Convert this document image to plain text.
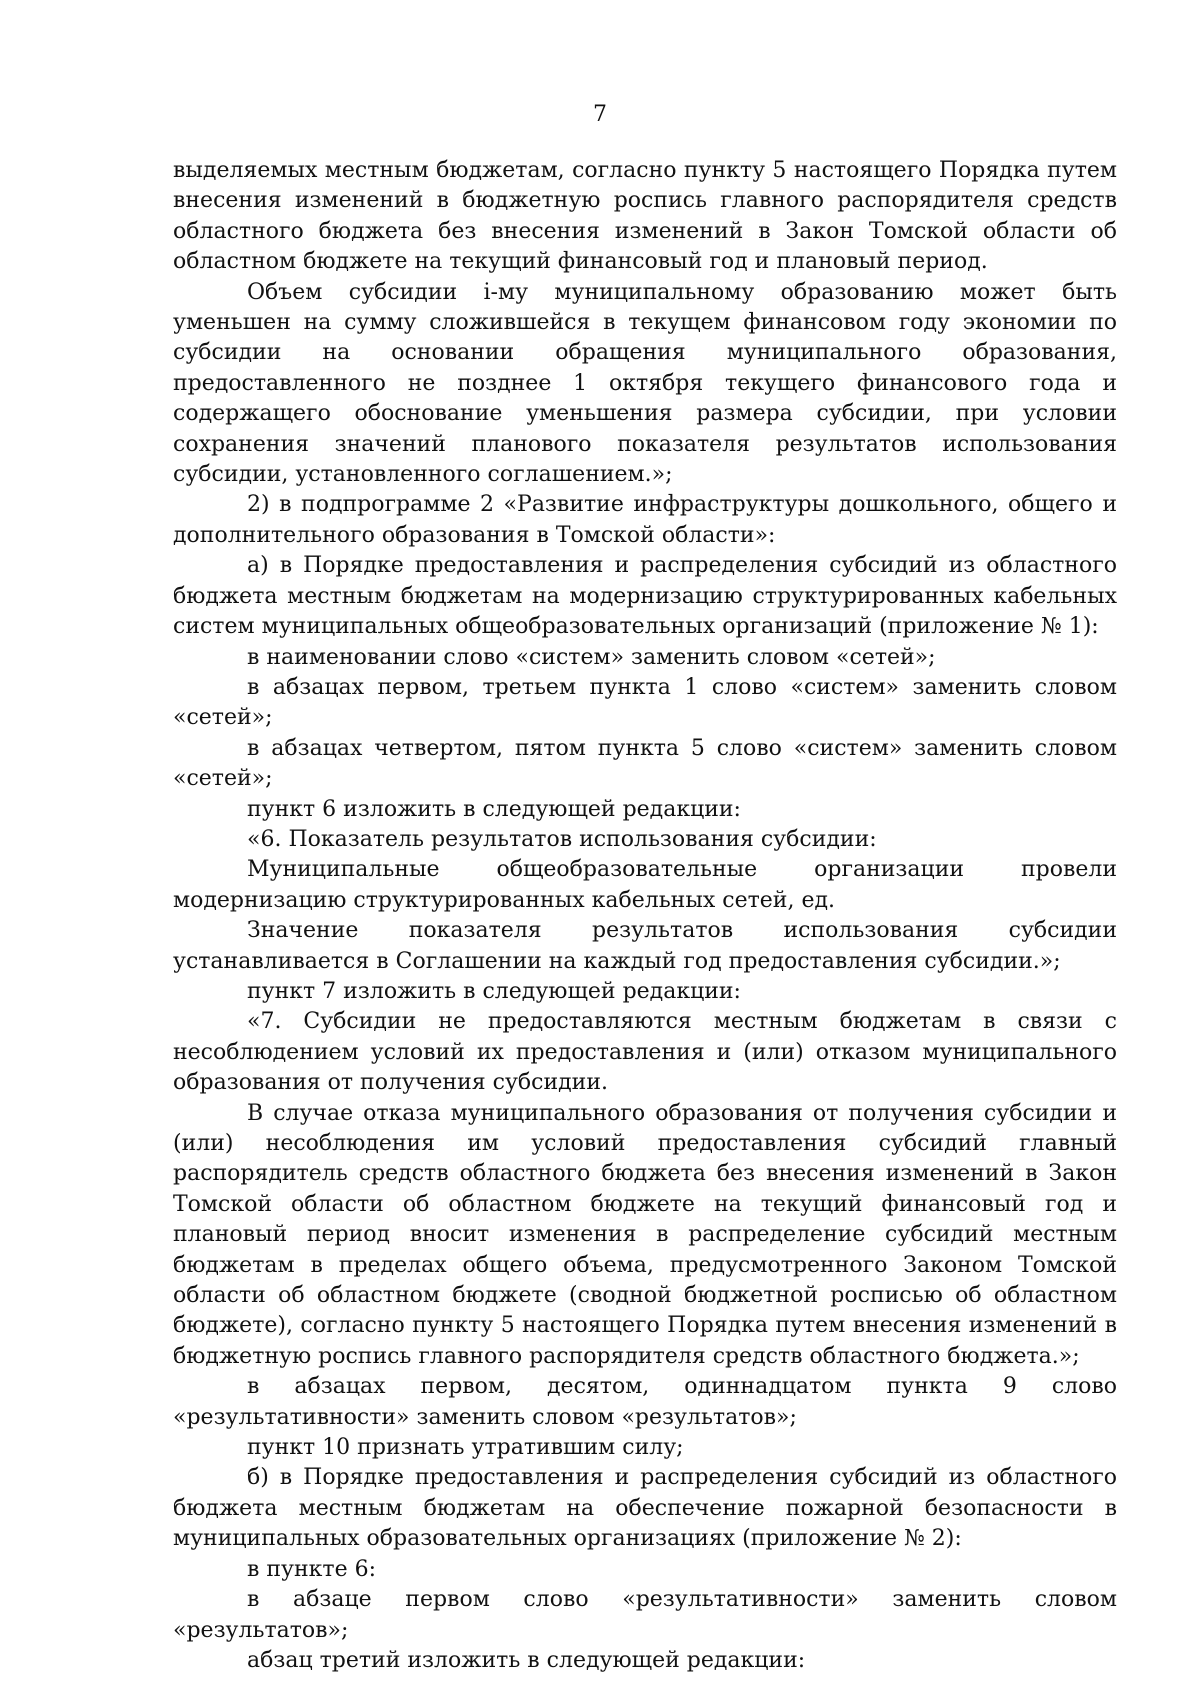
7

выделяемых местным бюджетам, согласно пункту 5 настоящего Порядка путем внесения изменений в бюджетную роспись главного распорядителя средств областного бюджета без внесения изменений в Закон Томской области об областном бюджете на текущий финансовый год и плановый период.

Объем субсидии i-му муниципальному образованию может быть уменьшен на сумму сложившейся в текущем финансовом году экономии по субсидии на основании обращения муниципального образования, предоставленного не позднее 1 октября текущего финансового года и содержащего обоснование уменьшения размера субсидии, при условии сохранения значений планового показателя результатов использования субсидии, установленного соглашением.»;

2) в подпрограмме 2 «Развитие инфраструктуры дошкольного, общего и дополнительного образования в Томской области»:

а) в Порядке предоставления и распределения субсидий из областного бюджета местным бюджетам на модернизацию структурированных кабельных систем муниципальных общеобразовательных организаций (приложение № 1):

в наименовании слово «систем» заменить словом «сетей»;

в абзацах первом, третьем пункта 1 слово «систем» заменить словом «сетей»;

в абзацах четвертом, пятом пункта 5 слово «систем» заменить словом «сетей»;

пункт 6 изложить в следующей редакции:

«6. Показатель результатов использования субсидии:

Муниципальные общеобразовательные организации провели модернизацию структурированных кабельных сетей, ед.

Значение показателя результатов использования субсидии устанавливается в Соглашении на каждый год предоставления субсидии.»;

пункт 7 изложить в следующей редакции:

«7. Субсидии не предоставляются местным бюджетам в связи с несоблюдением условий их предоставления и (или) отказом муниципального образования от получения субсидии.

В случае отказа муниципального образования от получения субсидии и (или) несоблюдения им условий предоставления субсидий главный распорядитель средств областного бюджета без внесения изменений в Закон Томской области об областном бюджете на текущий финансовый год и плановый период вносит изменения в распределение субсидий местным бюджетам в пределах общего объема, предусмотренного Законом Томской области об областном бюджете (сводной бюджетной росписью об областном бюджете), согласно пункту 5 настоящего Порядка путем внесения изменений в бюджетную роспись главного распорядителя средств областного бюджета.»;

в абзацах первом, десятом, одиннадцатом пункта 9 слово «результативности» заменить словом «результатов»;

пункт 10 признать утратившим силу;

б) в Порядке предоставления и распределения субсидий из областного бюджета местным бюджетам на обеспечение пожарной безопасности в муниципальных образовательных организациях (приложение № 2):

в пункте 6:

в абзаце первом слово «результативности» заменить словом «результатов»;

абзац третий изложить в следующей редакции:
